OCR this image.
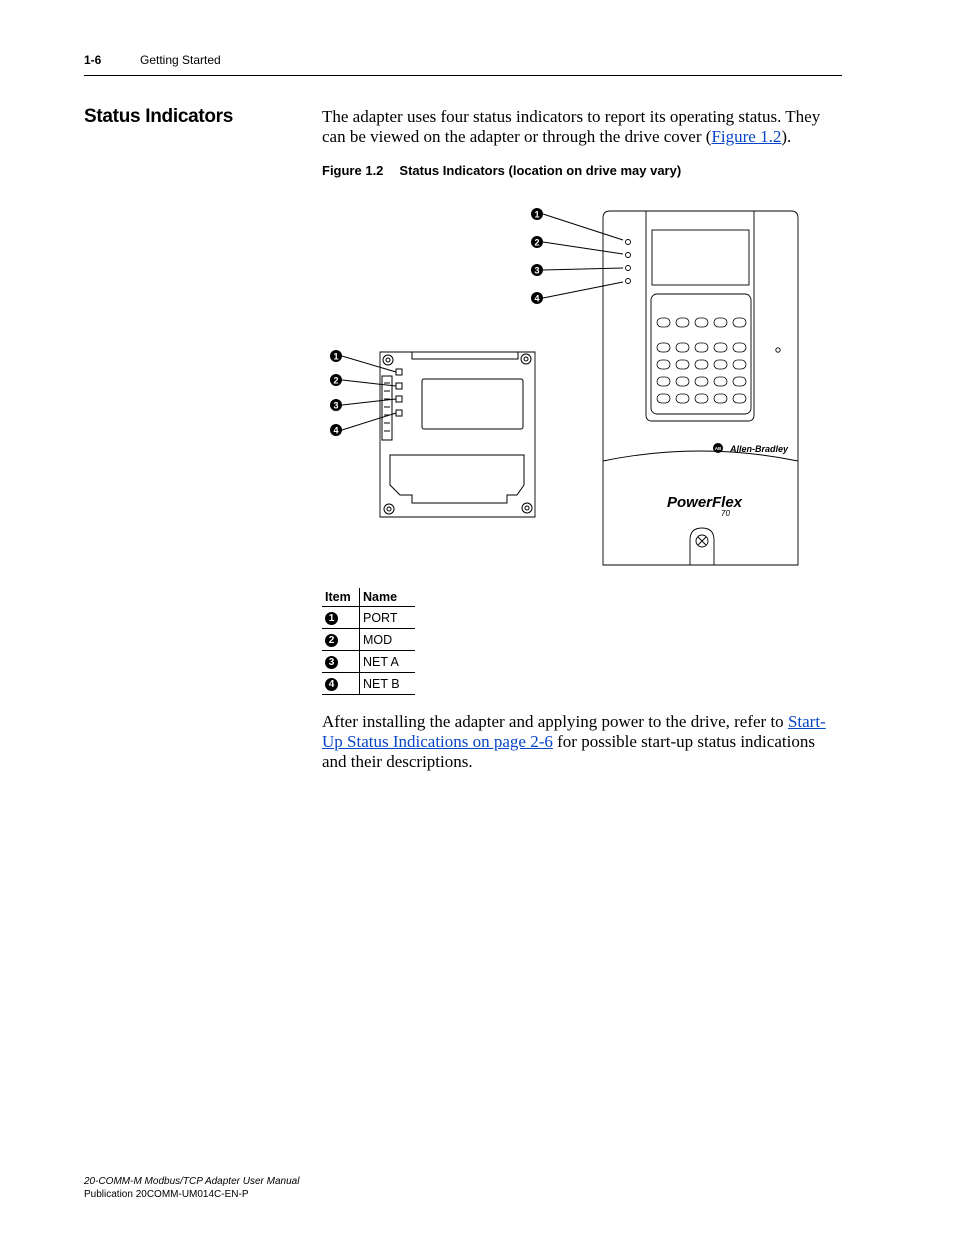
1-6	Getting Started
Status Indicators	The adapter uses four status indicators to report its operating status. They can be viewed on the adapter or through the drive cover (Figure 1.2).
Figure 1.2 Status Indicators (location on drive may vary)
1
2
3
4
AB Allen-Bradley
PowerFlex
70
1
2
3
4
Item	Name
1	PORT
2	MOD
3	NET A
4	NET B
After installing the adapter and applying power to the drive, refer to Start-Up Status Indications on page 2-6 for possible start-up status indications and their descriptions.
20-COMM-M Modbus/TCP Adapter User Manual
Publication 20COMM-UM014C-EN-P
